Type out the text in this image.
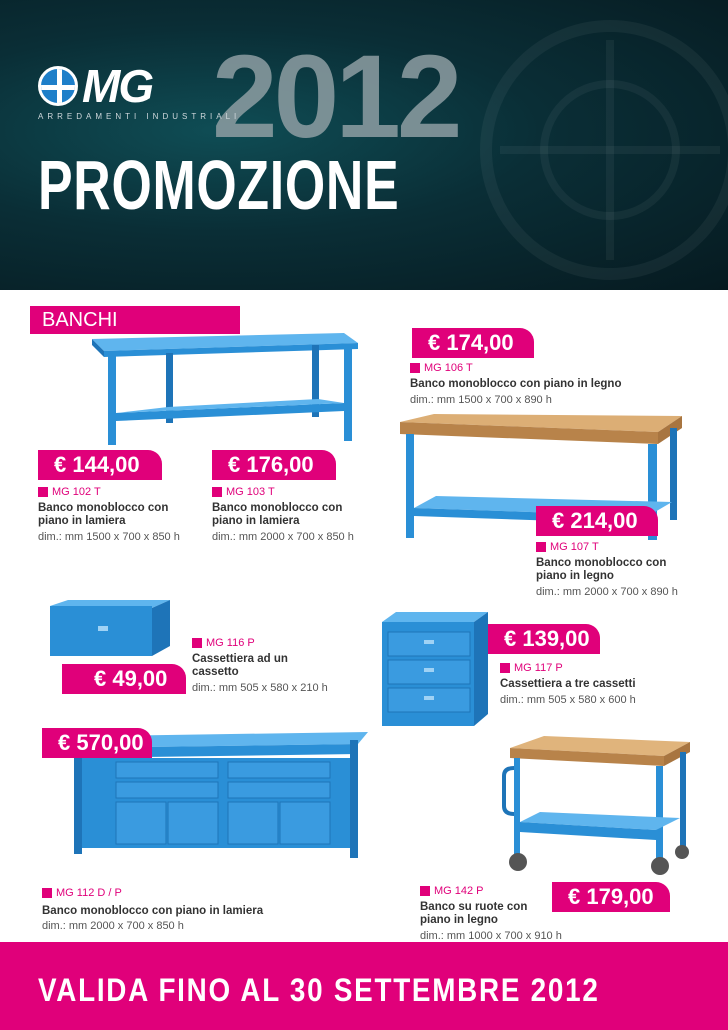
2012
MG
ARREDAMENTI INDUSTRIALI
PROMOZIONE
BANCHI
€ 174,00
MG 106 T
Banco monoblocco con piano in legno
dim.: mm 1500 x 700 x 890 h
€ 144,00
MG 102 T
Banco monoblocco con
piano in lamiera
dim.: mm 1500 x 700 x 850 h
€ 176,00
MG 103 T
Banco monoblocco con
piano in lamiera
dim.: mm 2000 x 700 x 850 h
€ 214,00
MG 107 T
Banco monoblocco con
piano in legno
dim.: mm 2000 x 700 x 890 h
€ 49,00
MG 116 P
Cassettiera ad un
cassetto
dim.: mm 505 x 580 x 210 h
€ 139,00
MG 117 P
Cassettiera a tre cassetti
dim.: mm 505 x 580 x 600 h
€ 570,00
MG 112 D / P
Banco monoblocco con piano in lamiera
dim.: mm 2000 x 700 x 850 h
€ 179,00
MG 142 P
Banco su ruote con
piano in legno
dim.: mm 1000 x 700 x 910 h
VALIDA FINO AL 30 SETTEMBRE 2012
